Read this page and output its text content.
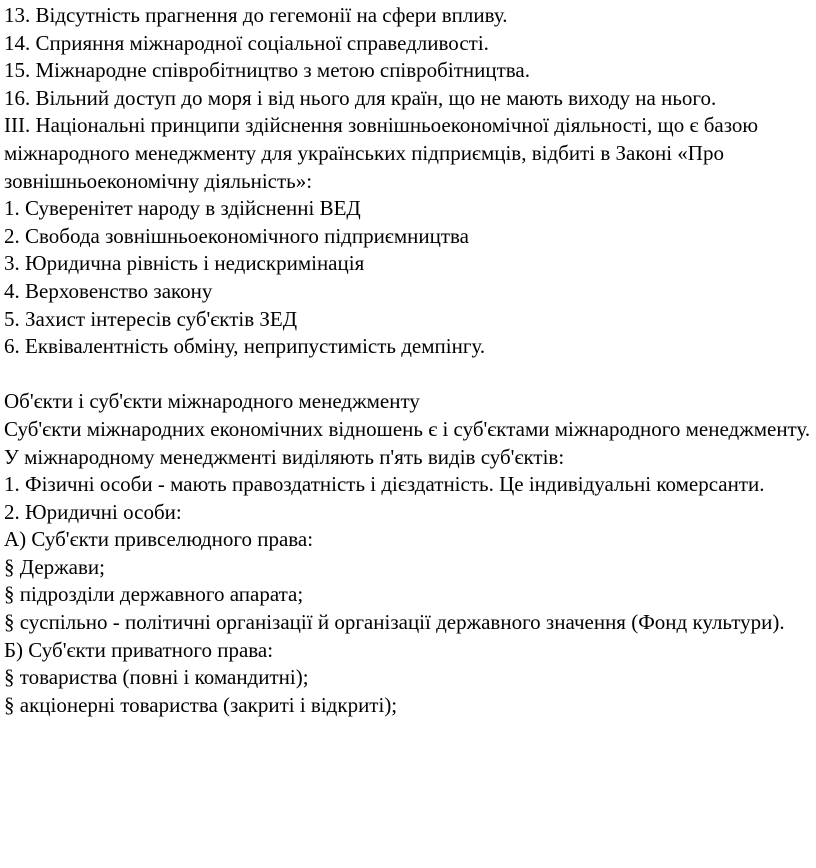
13. Відсутність прагнення до гегемонії на сфери впливу.

14. Сприяння міжнародної соціальної справедливості.

15. Міжнародне співробітництво з метою співробітництва.

16. Вільний доступ до моря і від нього для країн, що не мають виходу на нього.

III. Національні принципи здійснення зовнішньоекономічної діяльності, що є базою міжнародного менеджменту для українських підприємців, відбиті в Законі «Про зовнішньоекономічну діяльність»:

1. Суверенітет народу в здійсненні ВЕД

2. Свобода зовнішньоекономічного підприємництва

3. Юридична рівність і недискримінація

4. Верховенство закону

5. Захист інтересів суб'єктів ЗЕД

6. Еквівалентність обміну, неприпустимість демпінгу.

Об'єкти і суб'єкти міжнародного менеджменту

Суб'єкти міжнародних економічних відношень є і суб'єктами міжнародного менеджменту.

У міжнародному менеджменті виділяють п'ять видів суб'єктів:

1. Фізичні особи - мають правоздатність і дієздатність. Це індивідуальні комерсанти.

2. Юридичні особи:

А) Суб'єкти привселюдного права:

§ Держави;

§ підрозділи державного апарата;

§ суспільно - політичні організації й організації державного значення (Фонд культури).

Б) Суб'єкти приватного права:

§ товариства (повні і командитні);

§ акціонерні товариства (закриті і відкриті);
